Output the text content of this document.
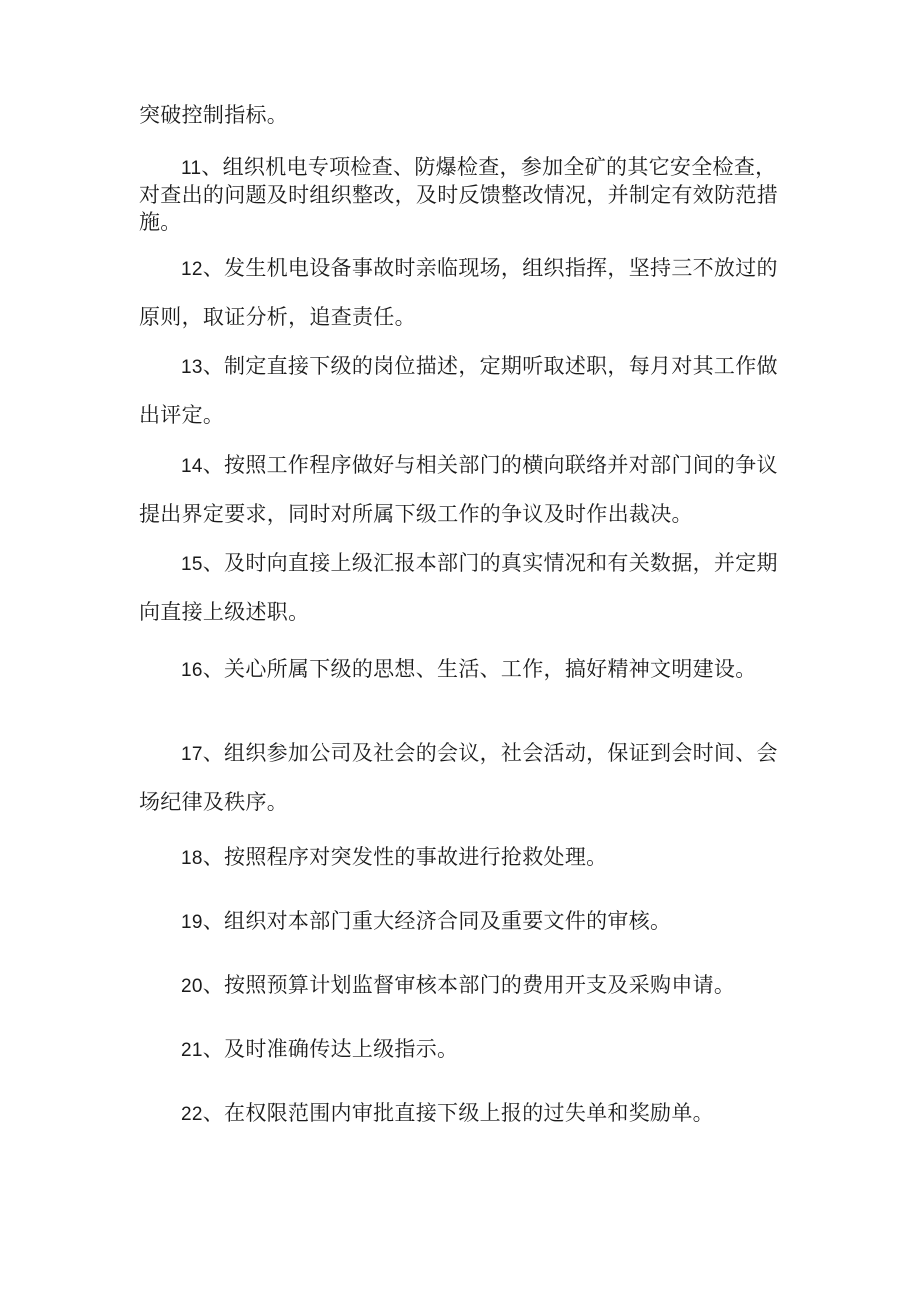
突破控制指标。
11、组织机电专项检查、防爆检查，参加全矿的其它安全检查，
对查出的问题及时组织整改，及时反馈整改情况，并制定有效防范措
施。
12、发生机电设备事故时亲临现场，组织指挥，坚持三不放过的
原则，取证分析，追查责任。
13、制定直接下级的岗位描述，定期听取述职，每月对其工作做
出评定。
14、按照工作程序做好与相关部门的横向联络并对部门间的争议
提出界定要求，同时对所属下级工作的争议及时作出裁决。
15、及时向直接上级汇报本部门的真实情况和有关数据，并定期
向直接上级述职。
16、关心所属下级的思想、生活、工作，搞好精神文明建设。
17、组织参加公司及社会的会议，社会活动，保证到会时间、会
场纪律及秩序。
18、按照程序对突发性的事故进行抢救处理。
19、组织对本部门重大经济合同及重要文件的审核。
20、按照预算计划监督审核本部门的费用开支及采购申请。
21、及时准确传达上级指示。
22、在权限范围内审批直接下级上报的过失单和奖励单。
